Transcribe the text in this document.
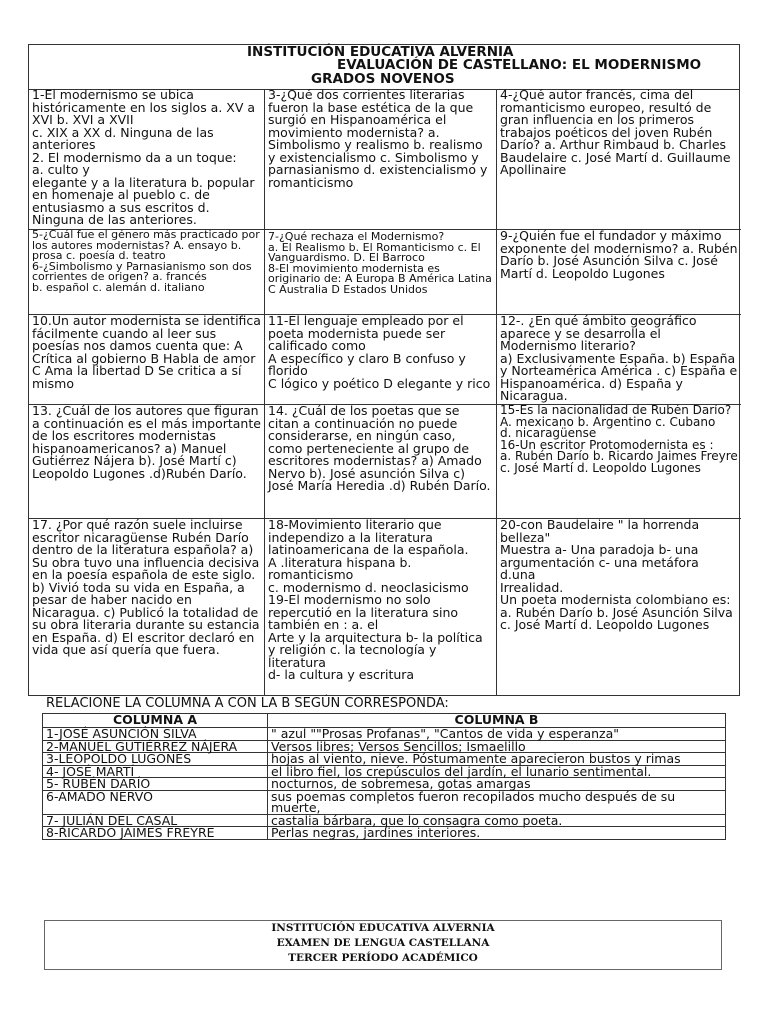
INSTITUCIÓN EDUCATIVA ALVERNIA
EVALUACIÓN DE CASTELLANO: EL MODERNISMO
GRADOS NOVENOS
1-El modernismo se ubica históricamente en los siglos a. XV a XVI b. XVI a XVII
c. XIX a XX d. Ninguna de las anteriores
2. El modernismo da a un toque:
a. culto y
elegante y a la literatura b. popular en homenaje al pueblo c. de entusiasmo a sus escritos d. Ninguna de las anteriores.
3-¿Qué dos corrientes literarias fueron la base estética de la que surgió en Hispanoamérica el movimiento modernista? a. Simbolismo y realismo b. realismo y existencialismo c. Simbolismo y parnasianismo d. existencialismo y romanticismo
4-¿Qué autor francés, cima del romanticismo europeo, resultó de gran influencia en los primeros trabajos poéticos del joven Rubén Darío? a. Arthur Rimbaud b. Charles Baudelaire c. José Martí d. Guillaume Apollinaire
5-¿Cuál fue el género más practicado por los autores modernistas? A. ensayo b. prosa c. poesía d. teatro
6-¿Simbolismo y Parnasianismo son dos corrientes de origen? a. francés
b. español c. alemán d. italiano
7-¿Qué rechaza el Modernismo?
a. El Realismo b. El Romanticismo c. El Vanguardismo. D. El Barroco
8-El movimiento modernista es originario de: A Europa B América Latina
C Australia D Estados Unidos
9-¿Quién fue el fundador y máximo exponente del modernismo? a. Rubén Darío b. José Asunción Silva c. José Martí d. Leopoldo Lugones
10.Un autor modernista se identifica fácilmente cuando al leer sus poesías nos damos cuenta que: A Crítica al gobierno B Habla de amor C Ama la libertad D Se critica a sí mismo
11-El lenguaje empleado por el poeta modernista puede ser calificado como
A específico y claro B confuso y florido
C lógico y poético D elegante y rico
12-. ¿En qué ámbito geográfico aparece y se desarrolla el Modernismo literario?
a) Exclusivamente España. b) España y Norteamérica América . c) España e Hispanoamérica. d) España y Nicaragua.
13. ¿Cuál de los autores que figuran a continuación es el más importante de los escritores modernistas hispanoamericanos? a) Manuel Gutiérrez Nájera b). José Martí c) Leopoldo Lugones .d)Rubén Darío.
14. ¿Cuál de los poetas que se citan a continuación no puede considerarse, en ningún caso, como perteneciente al grupo de escritores modernistas? a) Amado Nervo b). José asunción Silva c) José María Heredia .d) Rubén Darío.
15-Es la nacionalidad de Rubén Darío?
A. mexicano b. Argentino c. Cubano
d. nicaragüense
16-Un escritor Protomodernista es :
a. Rubén Darío b. Ricardo Jaimes Freyre c. José Martí d. Leopoldo Lugones
17. ¿Por qué razón suele incluirse escritor nicaragüense Rubén Darío dentro de la literatura española? a) Su obra tuvo una influencia decisiva en la poesía española de este siglo. b) Vivió toda su vida en España, a pesar de haber nacido en Nicaragua. c) Publicó la totalidad de su obra literaria durante su estancia en España. d) El escritor declaró en vida que así quería que fuera.
18-Movimiento literario que independizo a la literatura latinoamericana de la española.
A .literatura hispana b. romanticismo
c. modernismo d. neoclasicismo
19-El modernismo no solo repercutió en la literatura sino también en : a. el
Arte y la arquitectura b- la política y religión c. la tecnología y literatura
d- la cultura y escritura
20-con Baudelaire " la horrenda belleza"
Muestra a- Una paradoja b- una argumentación c- una metáfora d.una
Irrealidad.
Un poeta modernista colombiano es:
a. Rubén Darío b. José Asunción Silva
c. José Martí d. Leopoldo Lugones
RELACIONE LA COLUMNA A CON LA B SEGÚN CORRESPONDA:
COLUMNA A	COLUMNA B
1-JOSÉ ASUNCIÓN SILVA	" azul ""Prosas Profanas", "Cantos de vida y esperanza"
2-MANUEL GUTIÉRREZ NÁJERA	Versos libres; Versos Sencillos; Ismaelillo
3-LEOPOLDO LUGONES	hojas al viento, nieve. Póstumamente aparecieron bustos y rimas
4- JOSÉ MARTÍ	el libro fiel, los crepúsculos del jardín, el lunario sentimental.
5- RUBÉN DARÍO	nocturnos, de sobremesa, gotas amargas
6-AMADO NERVO	sus poemas completos fueron recopilados mucho después de su muerte,
7- JULIÁN DEL CASAL	castalia bárbara, que lo consagra como poeta.
8-RICARDO JAIMES FREYRE	Perlas negras, jardines interiores.
INSTITUCIÓN EDUCATIVA ALVERNIA
EXAMEN DE LENGUA CASTELLANA
TERCER PERÍODO ACADÉMICO
